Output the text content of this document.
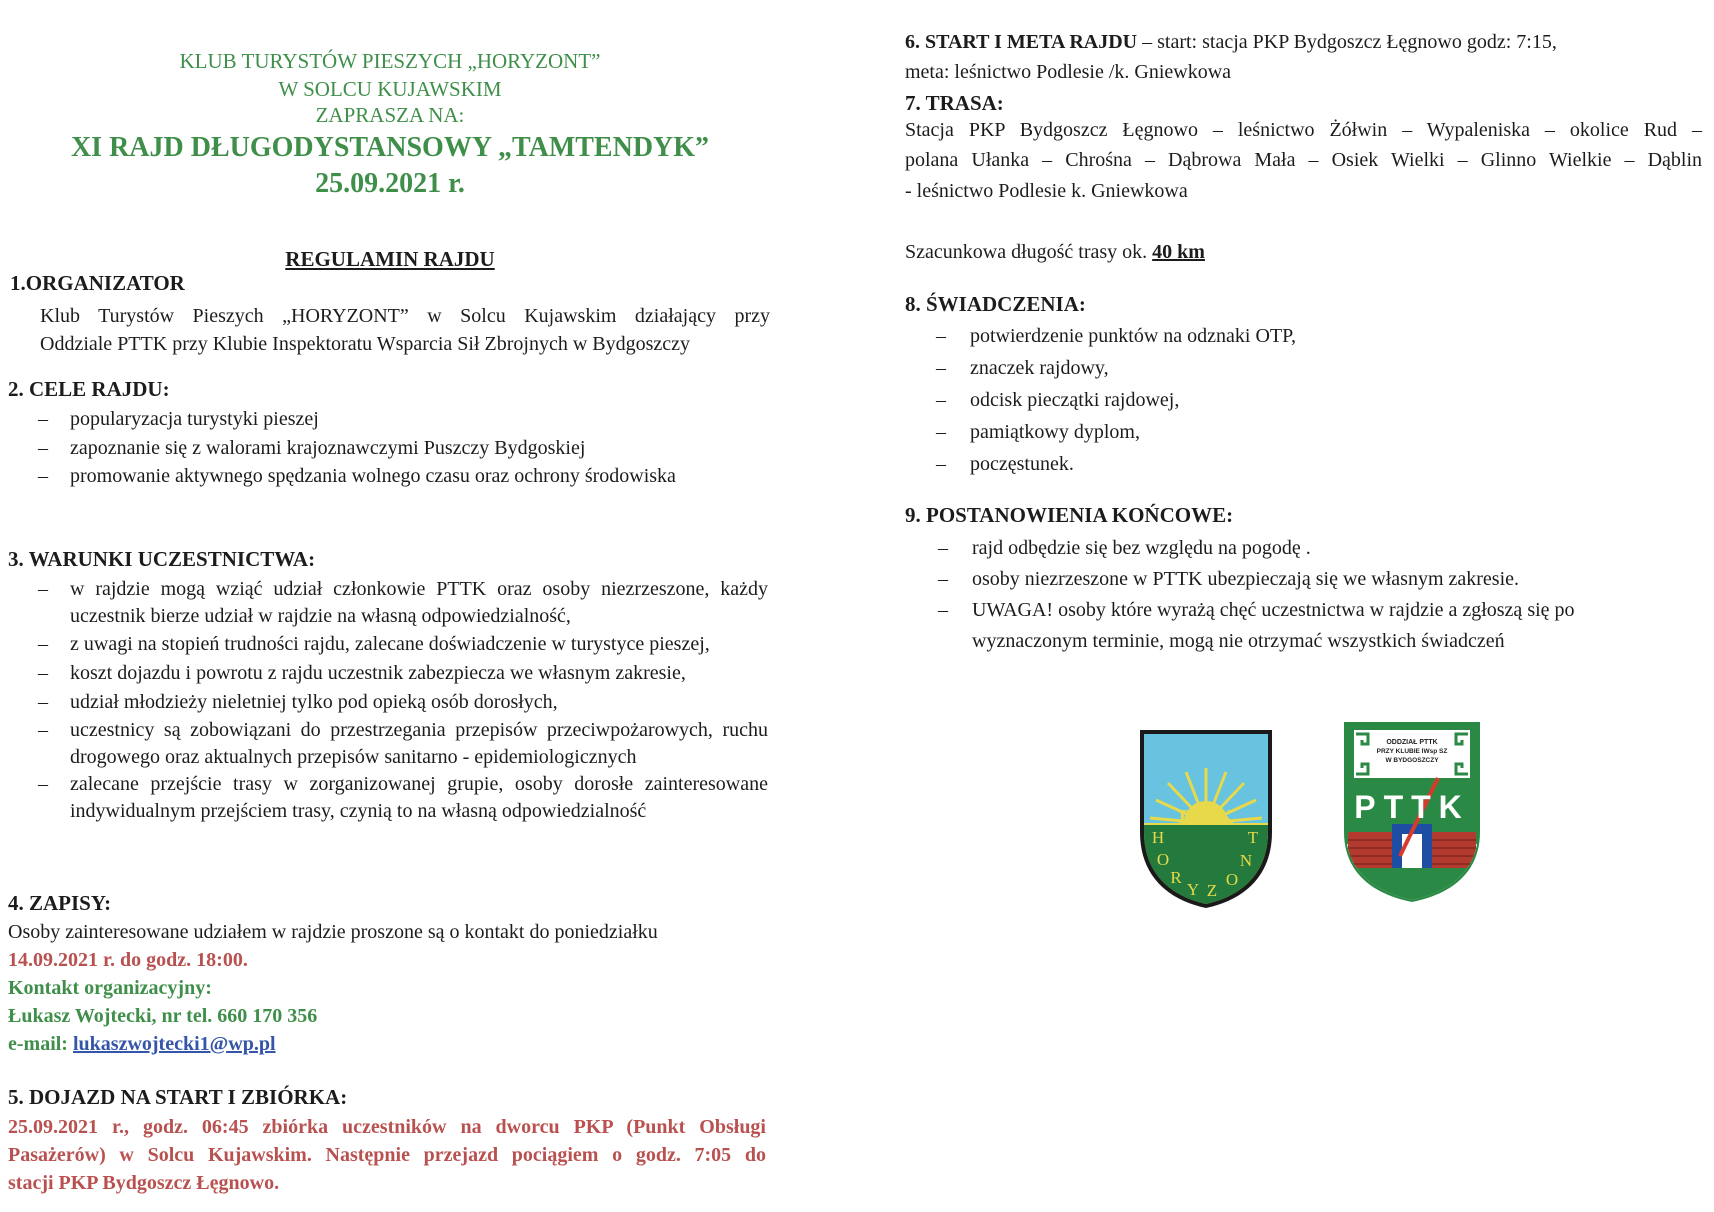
KLUB TURYSTÓW PIESZYCH „HORYZONT”
W SOLCU KUJAWSKIM
ZAPRASZA NA:
XI RAJD DŁUGODYSTANSOWY „TAMTENDYK”
25.09.2021 r.
REGULAMIN RAJDU
1.ORGANIZATOR
Klub Turystów Pieszych „HORYZONT” w Solcu Kujawskim działający przy
Oddziale PTTK przy Klubie Inspektoratu Wsparcia Sił Zbrojnych w Bydgoszczy
2. CELE RAJDU:
– popularyzacja turystyki pieszej
– zapoznanie się z walorami krajoznawczymi Puszczy Bydgoskiej
– promowanie aktywnego spędzania wolnego czasu oraz ochrony środowiska
3. WARUNKI UCZESTNICTWA:
– w rajdzie mogą wziąć udział członkowie PTTK oraz osoby niezrzeszone, każdy uczestnik bierze udział w rajdzie na własną odpowiedzialność,
– z uwagi na stopień trudności rajdu, zalecane doświadczenie w turystyce pieszej,
– koszt dojazdu i powrotu z rajdu uczestnik zabezpiecza we własnym zakresie,
– udział młodzieży nieletniej tylko pod opieką osób dorosłych,
– uczestnicy są zobowiązani do przestrzegania przepisów przeciwpożarowych, ruchu drogowego oraz aktualnych przepisów sanitarno - epidemiologicznych
– zalecane przejście trasy w zorganizowanej grupie, osoby dorosłe zainteresowane indywidualnym przejściem trasy, czynią to na własną odpowiedzialność
4. ZAPISY:
Osoby zainteresowane udziałem w rajdzie proszone są o kontakt do poniedziałku
14.09.2021 r. do godz. 18:00.
Kontakt organizacyjny:
Łukasz Wojtecki, nr tel. 660 170 356
e-mail: lukaszwojtecki1@wp.pl
5. DOJAZD NA START I ZBIÓRKA:
25.09.2021 r., godz. 06:45 zbiórka uczestników na dworcu PKP (Punkt Obsługi
Pasażerów) w Solcu Kujawskim. Następnie przejazd pociągiem o godz. 7:05 do
stacji PKP Bydgoszcz Łęgnowo.
6. START I META RAJDU – start: stacja PKP Bydgoszcz Łęgnowo godz: 7:15,
meta: leśnictwo Podlesie /k. Gniewkowa
7. TRASA:
Stacja PKP Bydgoszcz Łęgnowo – leśnictwo Żółwin – Wypaleniska – okolice Rud –
polana Ułanka – Chrośna – Dąbrowa Mała – Osiek Wielki – Glinno Wielkie – Dąblin
- leśnictwo Podlesie k. Gniewkowa
Szacunkowa długość trasy ok. 40 km
8. ŚWIADCZENIA:
– potwierdzenie punktów na odznaki OTP,
– znaczek rajdowy,
– odcisk pieczątki rajdowej,
– pamiątkowy dyplom,
– poczęstunek.
9. POSTANOWIENIA KOŃCOWE:
– rajd odbędzie się bez względu na pogodę .
– osoby niezrzeszone w PTTK ubezpieczają się we własnym zakresie.
– UWAGA! osoby które wyrażą chęć uczestnictwa w rajdzie a zgłoszą się po wyznaczonym terminie, mogą nie otrzymać wszystkich świadczeń
PTTK
H
O
R
Y Z
O
N
T
ODDZIAŁ PTTK
PRZY KLUBIE IWsp SZ
W BYDGOSZCZY
PTTK
